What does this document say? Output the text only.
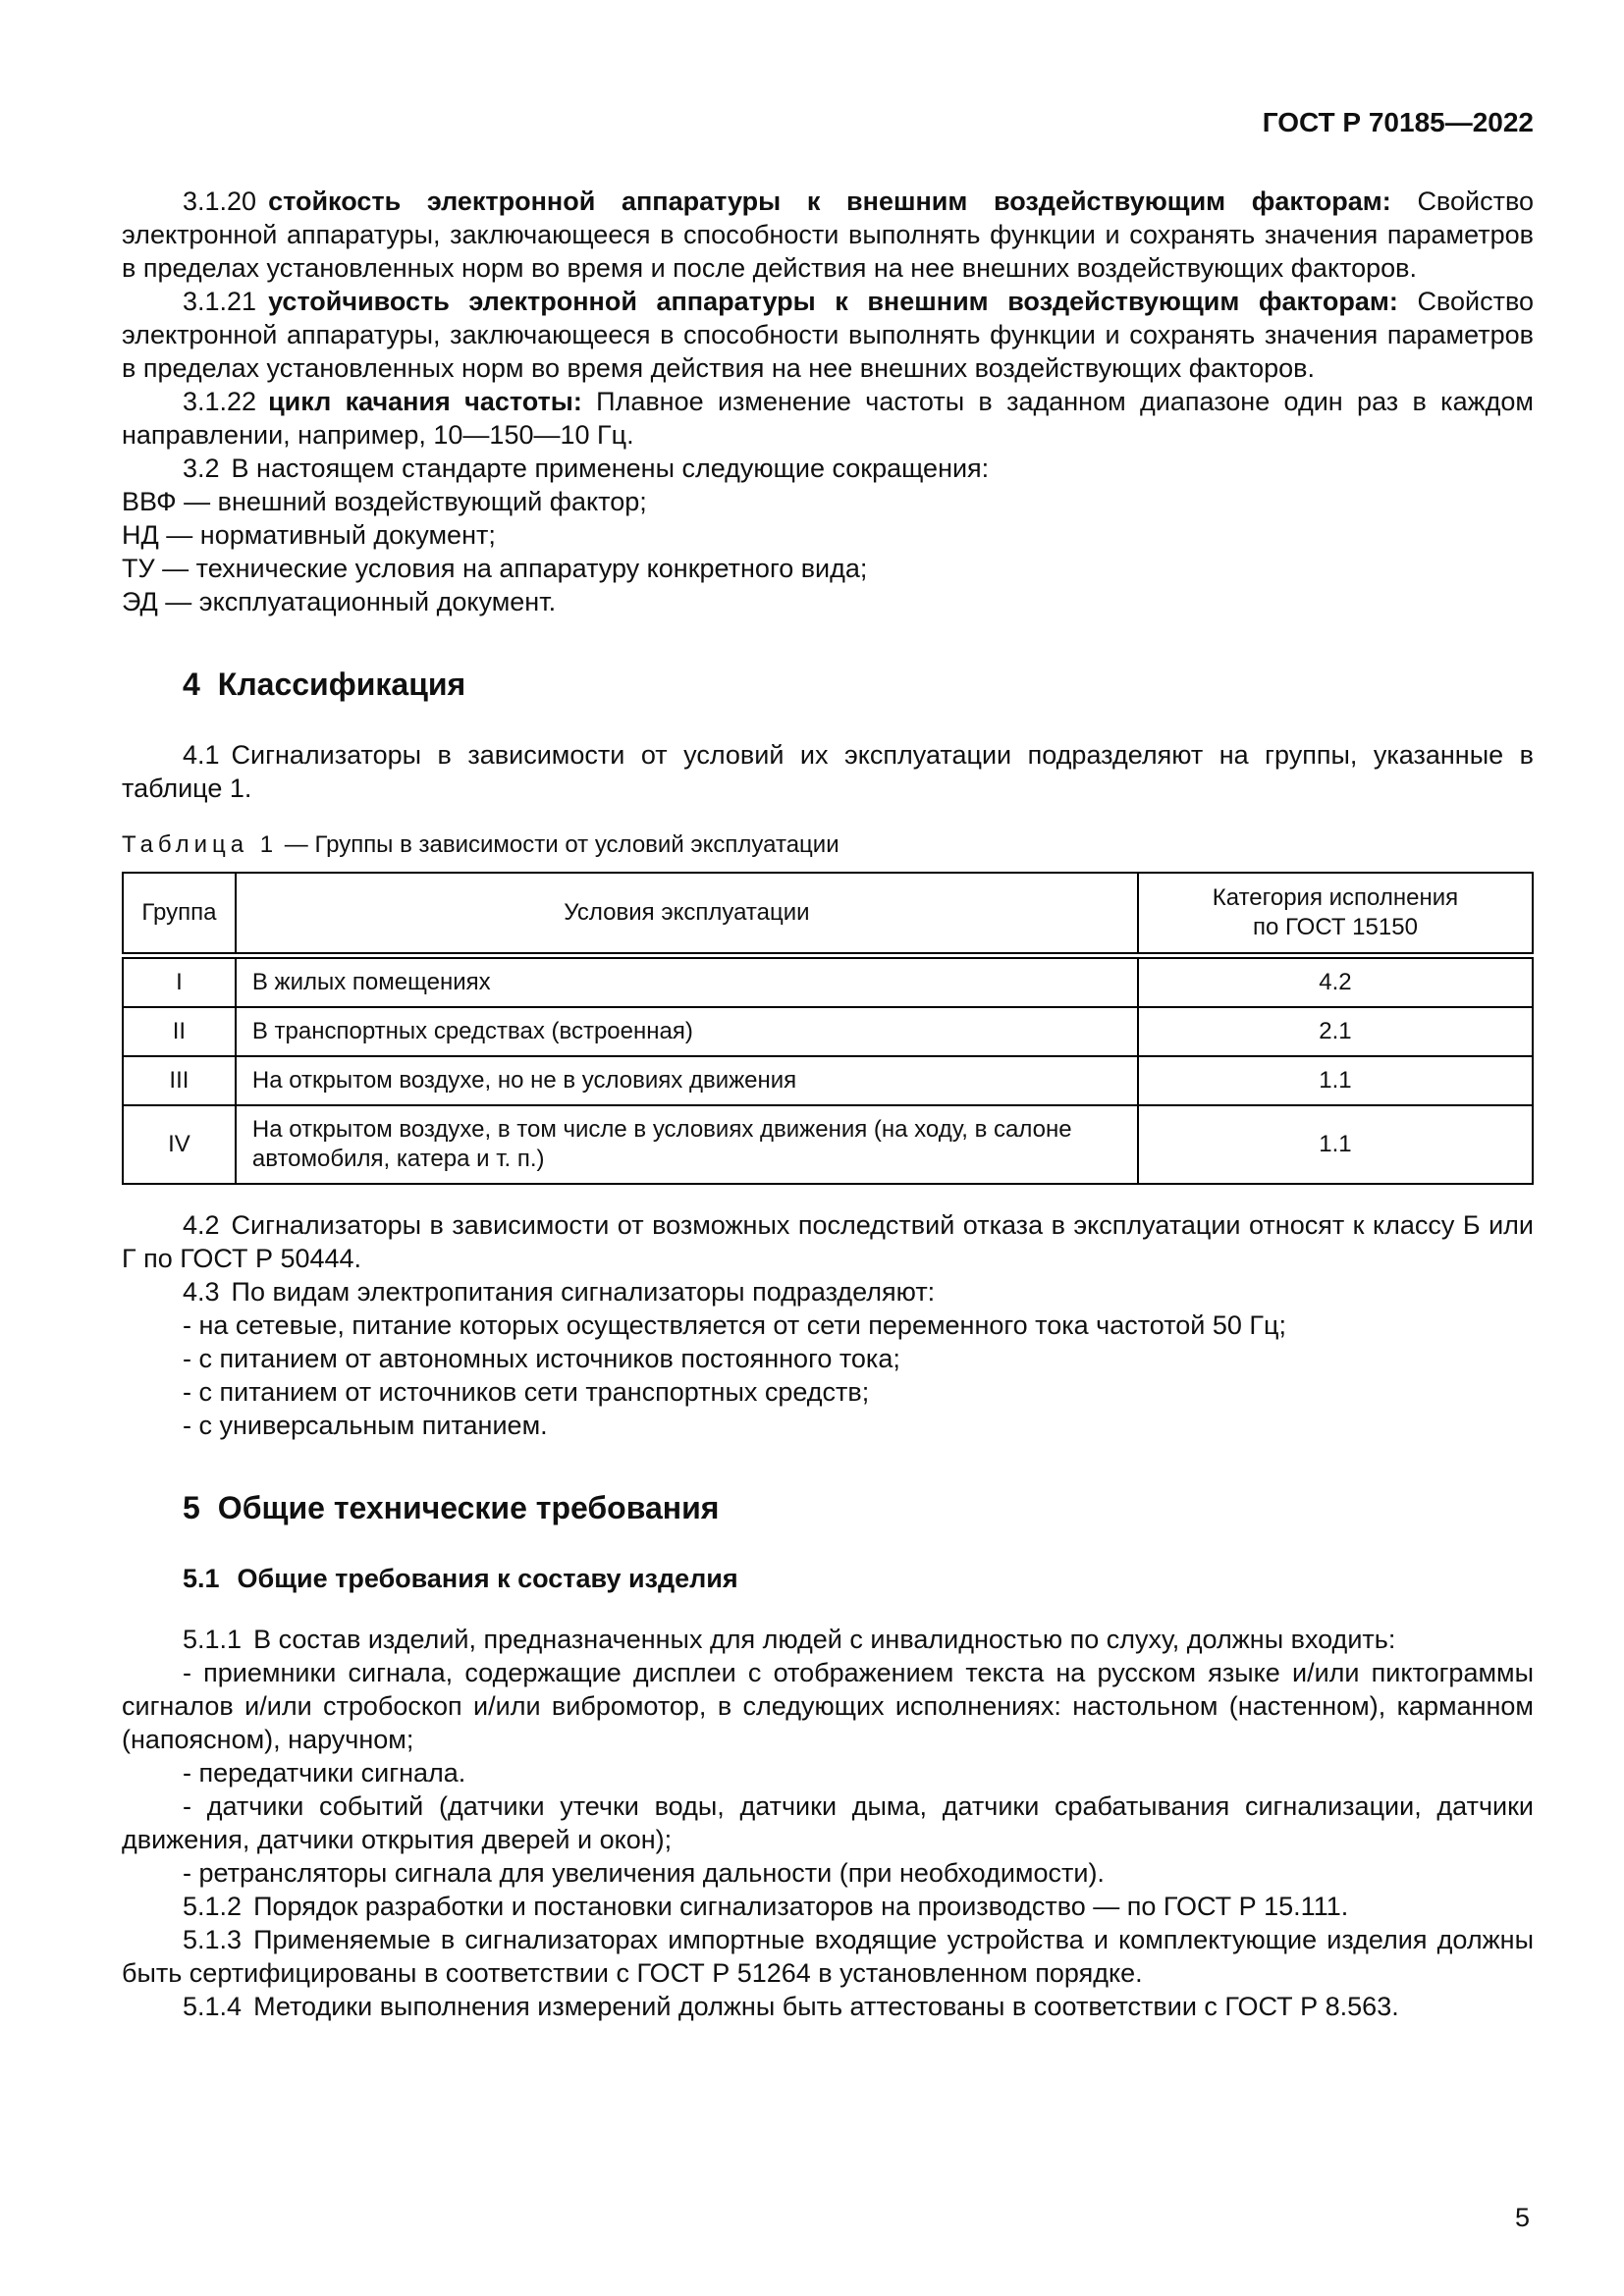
ГОСТ Р 70185—2022

3.1.20 стойкость электронной аппаратуры к внешним воздействующим факторам: Свойство электронной аппаратуры, заключающееся в способности выполнять функции и сохранять значения параметров в пределах установленных норм во время и после действия на нее внешних воздействующих факторов.

3.1.21 устойчивость электронной аппаратуры к внешним воздействующим факторам: Свойство электронной аппаратуры, заключающееся в способности выполнять функции и сохранять значения параметров в пределах установленных норм во время действия на нее внешних воздействующих факторов.

3.1.22 цикл качания частоты: Плавное изменение частоты в заданном диапазоне один раз в каждом направлении, например, 10—150—10 Гц.

3.2 В настоящем стандарте применены следующие сокращения:

ВВФ — внешний воздействующий фактор;

НД — нормативный документ;

ТУ — технические условия на аппаратуру конкретного вида;

ЭД — эксплуатационный документ.

4 Классификация

4.1 Сигнализаторы в зависимости от условий их эксплуатации подразделяют на группы, указанные в таблице 1.

Таблица 1 — Группы в зависимости от условий эксплуатации
Группа	Условия эксплуатации	Категория исполнения
по ГОСТ 15150

I	В жилых помещениях	4.2
II	В транспортных средствах (встроенная)	2.1
III	На открытом воздухе, но не в условиях движения	1.1
IV	На открытом воздухе, в том числе в условиях движения (на ходу, в салоне автомобиля, катера и т. п.)	1.1

4.2 Сигнализаторы в зависимости от возможных последствий отказа в эксплуатации относят к классу Б или Г по ГОСТ Р 50444.

4.3 По видам электропитания сигнализаторы подразделяют:

- на сетевые, питание которых осуществляется от сети переменного тока частотой 50 Гц;

- с питанием от автономных источников постоянного тока;

- с питанием от источников сети транспортных средств;

- с универсальным питанием.

5 Общие технические требования
5.1 Общие требования к составу изделия

5.1.1 В состав изделий, предназначенных для людей с инвалидностью по слуху, должны входить:

- приемники сигнала, содержащие дисплеи с отображением текста на русском языке и/или пиктограммы сигналов и/или стробоскоп и/или вибромотор, в следующих исполнениях: настольном (настенном), карманном (напоясном), наручном;

- передатчики сигнала.

- датчики событий (датчики утечки воды, датчики дыма, датчики срабатывания сигнализации, датчики движения, датчики открытия дверей и окон);

- ретрансляторы сигнала для увеличения дальности (при необходимости).

5.1.2 Порядок разработки и постановки сигнализаторов на производство — по ГОСТ Р 15.111.

5.1.3 Применяемые в сигнализаторах импортные входящие устройства и комплектующие изделия должны быть сертифицированы в соответствии с ГОСТ Р 51264 в установленном порядке.

5.1.4 Методики выполнения измерений должны быть аттестованы в соответствии с ГОСТ Р 8.563.

5
